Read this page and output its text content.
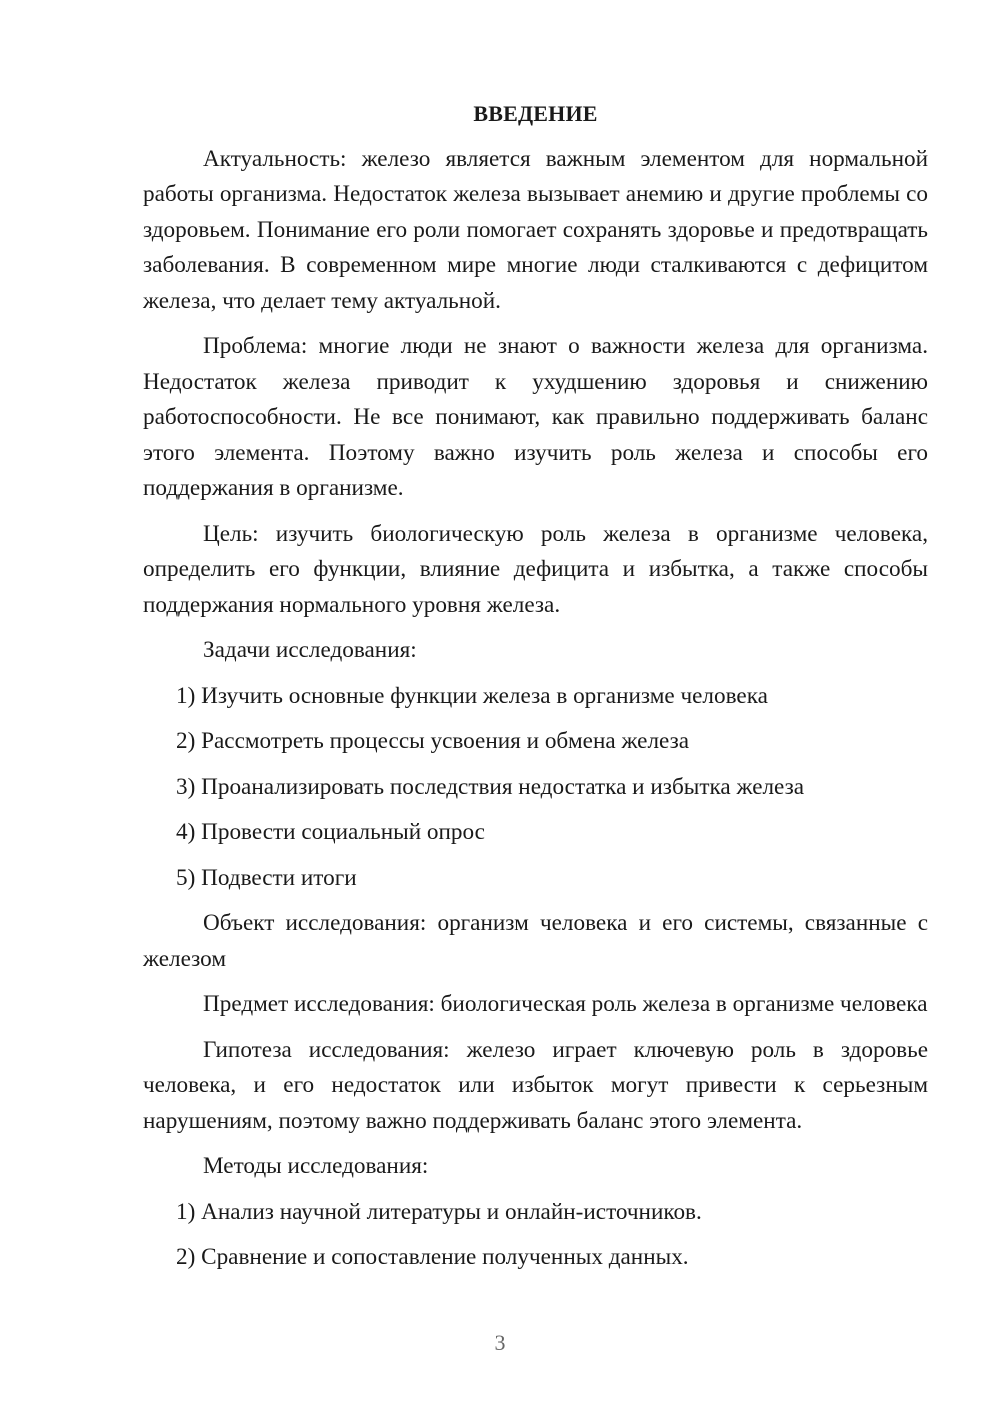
ВВЕДЕНИЕ
Актуальность: железо является важным элементом для нормальной работы организма. Недостаток железа вызывает анемию и другие проблемы со здоровьем. Понимание его роли помогает сохранять здоровье и предотвращать заболевания. В современном мире многие люди сталкиваются с дефицитом железа, что делает тему актуальной.
Проблема: многие люди не знают о важности железа для организма. Недостаток железа приводит к ухудшению здоровья и снижению работоспособности. Не все понимают, как правильно поддерживать баланс этого элемента. Поэтому важно изучить роль железа и способы его поддержания в организме.
Цель: изучить биологическую роль железа в организме человека, определить его функции, влияние дефицита и избытка, а также способы поддержания нормального уровня железа.
Задачи исследования:
1) Изучить основные функции железа в организме человека
2) Рассмотреть процессы усвоения и обмена железа
3) Проанализировать последствия недостатка и избытка железа
4) Провести социальный опрос
5) Подвести итоги
Объект исследования: организм человека и его системы, связанные с железом
Предмет исследования: биологическая роль железа в организме человека
Гипотеза исследования: железо играет ключевую роль в здоровье человека, и его недостаток или избыток могут привести к серьезным нарушениям, поэтому важно поддерживать баланс этого элемента.
Методы исследования:
1) Анализ научной литературы и онлайн-источников.
2) Сравнение и сопоставление полученных данных.
3
